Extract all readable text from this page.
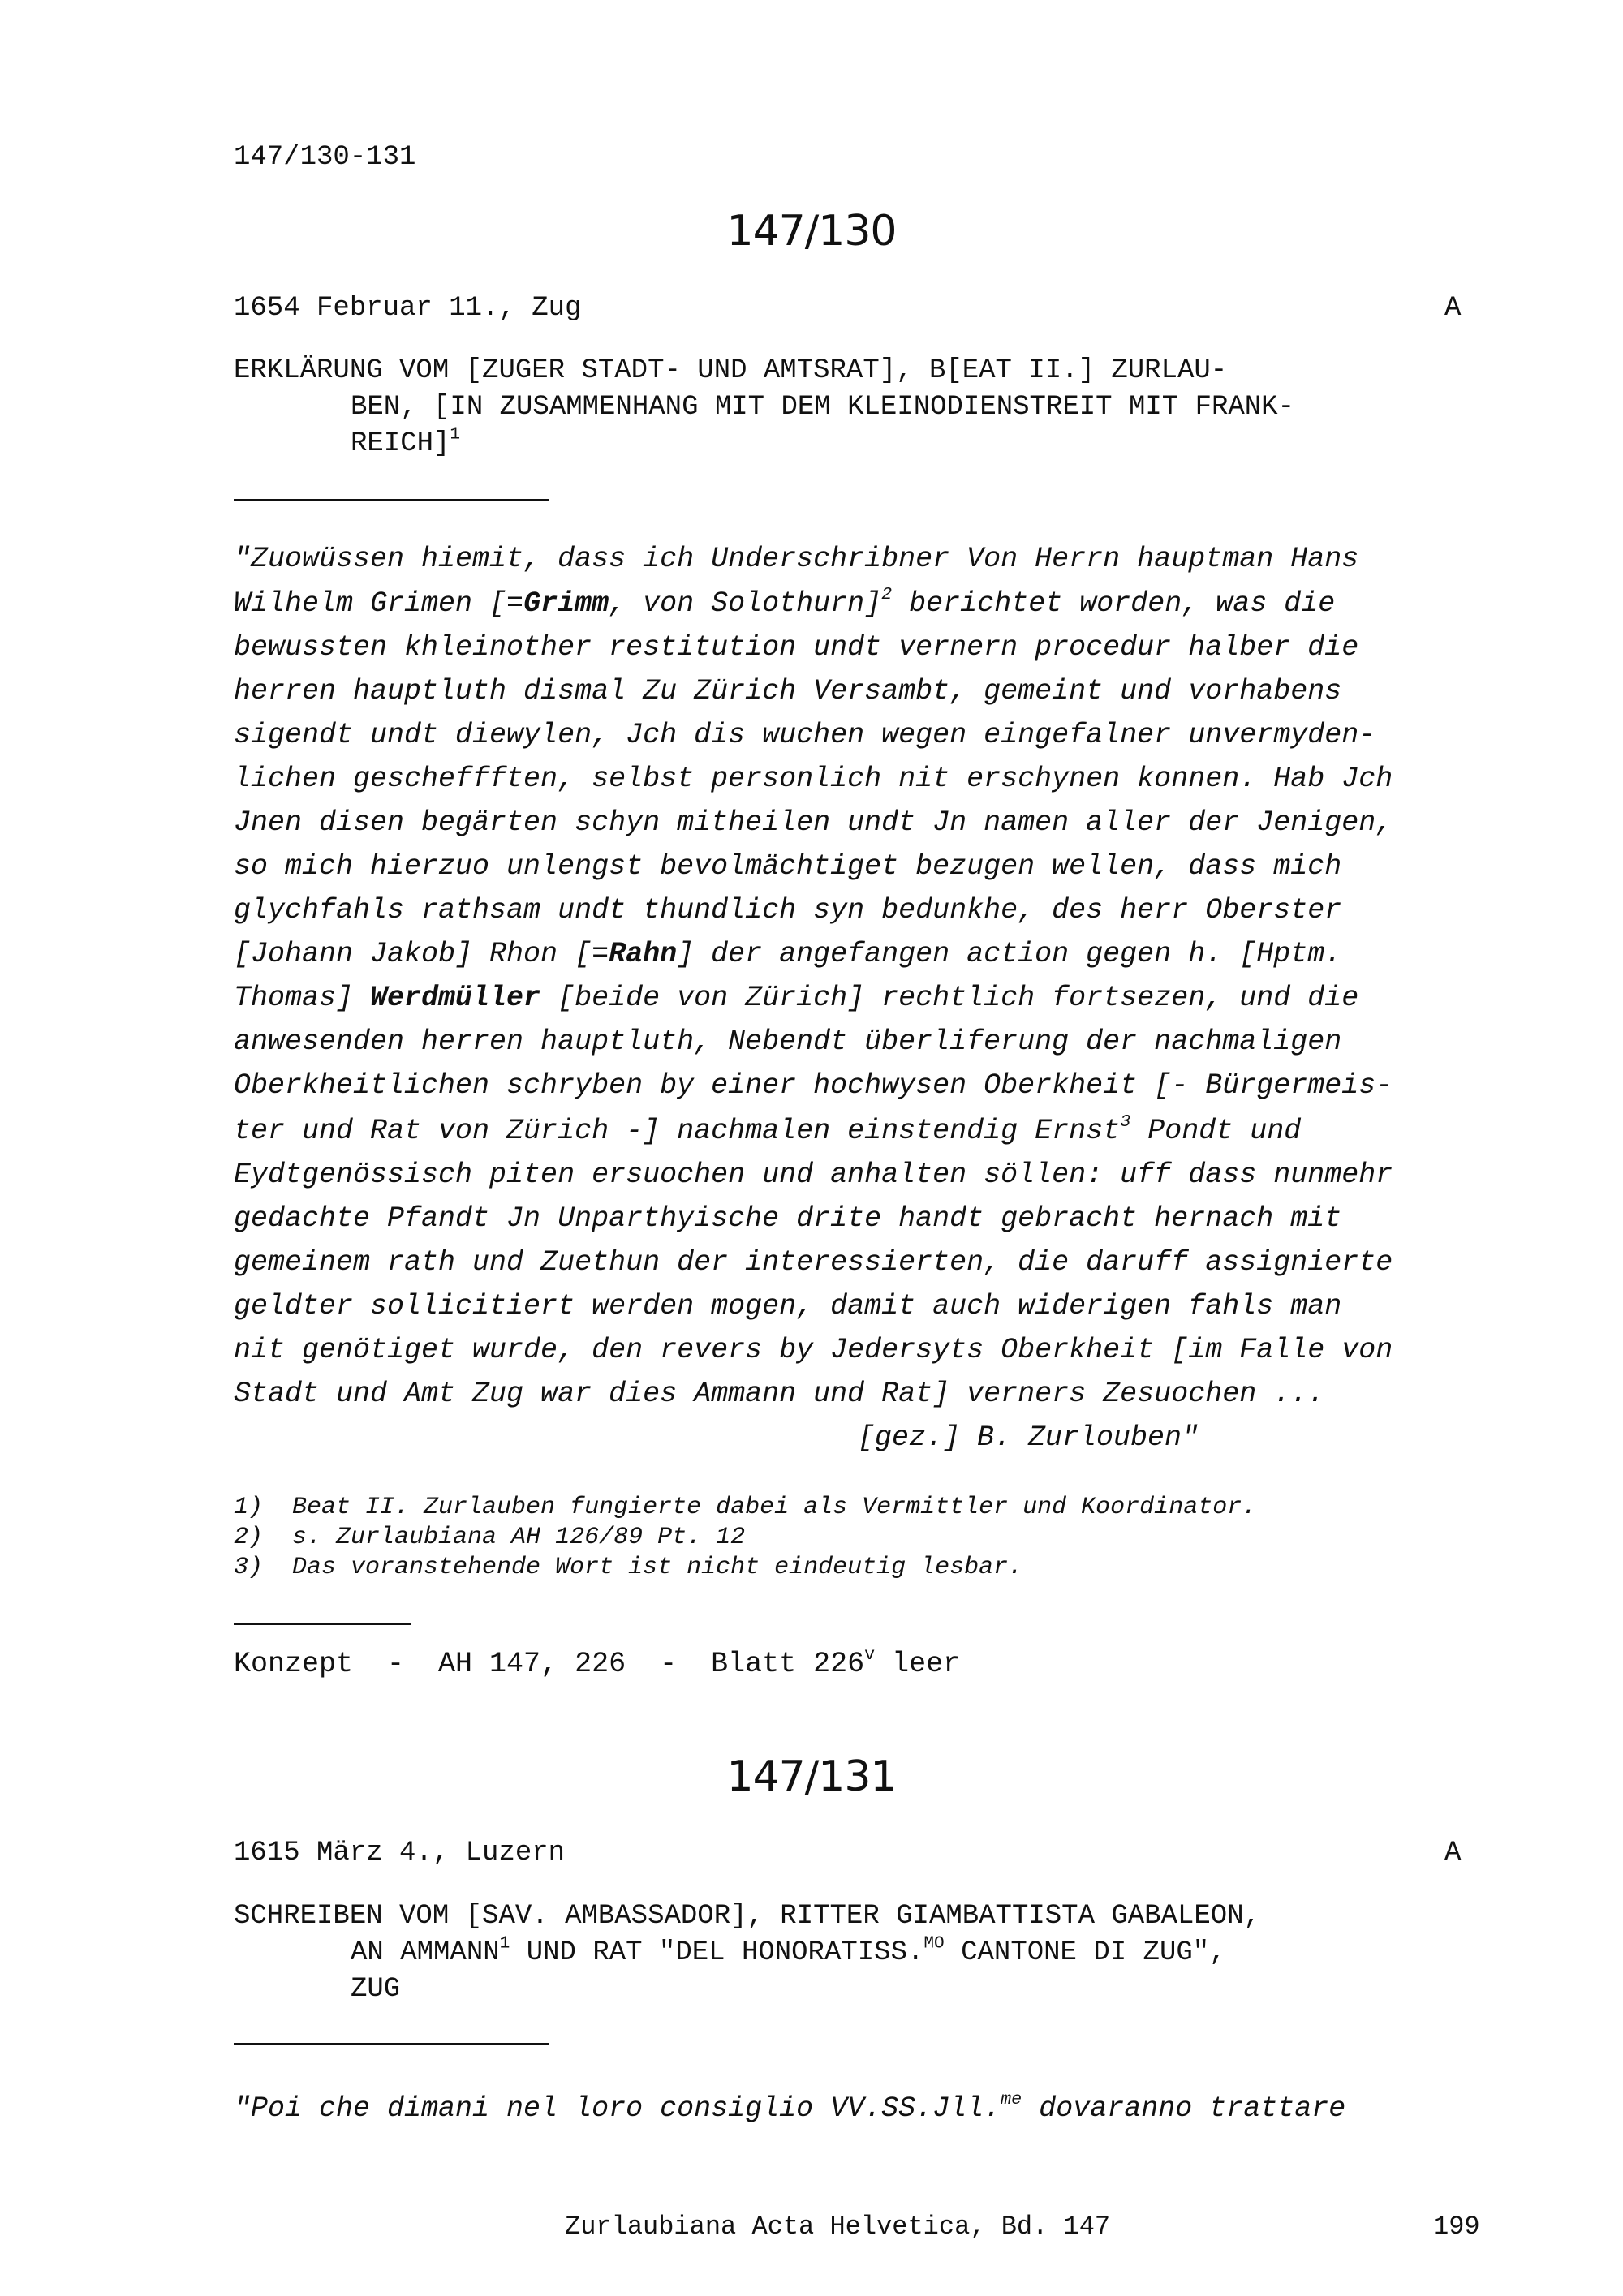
147/130-131
147/130
1654 Februar 11., Zug	A
ERKLÄRUNG VOM [ZUGER STADT- UND AMTSRAT], B[EAT II.] ZURLAU-
BEN, [IN ZUSAMMENHANG MIT DEM KLEINODIENSTREIT MIT FRANK-
REICH]$^1$
"Zuowüssen hiemit, dass ich Underschribner Von Herrn hauptman Hans
Wilhelm Grimen [=Grimm, von Solothurn]$^2$ berichtet worden, was die
bewussten khleinother restitution undt vernern procedur halber die
herren hauptluth dismal Zu Zürich Versambt, gemeint und vorhabens
sigendt undt diewylen, Jch dis wuchen wegen eingefalner unvermyden-
lichen gescheffften, selbst personlich nit erschynen konnen. Hab Jch
Jnen disen begärten schyn mitheilen undt Jn namen aller der Jenigen,
so mich hierzuo unlengst bevolmächtiget bezugen wellen, dass mich
glychfahls rathsam undt thundlich syn bedunkhe, des herr Oberster
[Johann Jakob] Rhon [=Rahn] der angefangen action gegen h. [Hptm.
Thomas] Werdmüller [beide von Zürich] rechtlich fortsezen, und die
anwesenden herren hauptluth, Nebendt überliferung der nachmaligen
Oberkheitlichen schryben by einer hochwysen Oberkheit [- Bürgermeis-
ter und Rat von Zürich -] nachmalen einstendig Ernst$^3$ Pondt und
Eydtgenössisch piten ersuochen und anhalten söllen: uff dass nunmehr
gedachte Pfandt Jn Unparthyische drite handt gebracht hernach mit
gemeinem rath und Zuethun der interessierten, die daruff assignierte
geldter sollicitiert werden mogen, damit auch widerigen fahls man
nit genötiget wurde, den revers by Jedersyts Oberkheit [im Falle von
Stadt und Amt Zug war dies Ammann und Rat] verners Zesuochen ...
[gez.] B. Zurlouben"
1)  Beat II. Zurlauben fungierte dabei als Vermittler und Koordinator.
2)  s. Zurlaubiana AH 126/89 Pt. 12
3)  Das voranstehende Wort ist nicht eindeutig lesbar.
Konzept  -  AH 147, 226  -  Blatt 226$^v$ leer
147/131
1615 März 4., Luzern	A
SCHREIBEN VOM [SAV. AMBASSADOR], RITTER GIAMBATTISTA GABALEON,
AN AMMANN$^1$ UND RAT "DEL HONORATISS.$^{MO}$ CANTONE DI ZUG",
ZUG
"Poi che dimani nel loro consiglio VV.SS.Jll.$^{me}$ dovaranno trattare
Zurlaubiana Acta Helvetica, Bd. 147	199
